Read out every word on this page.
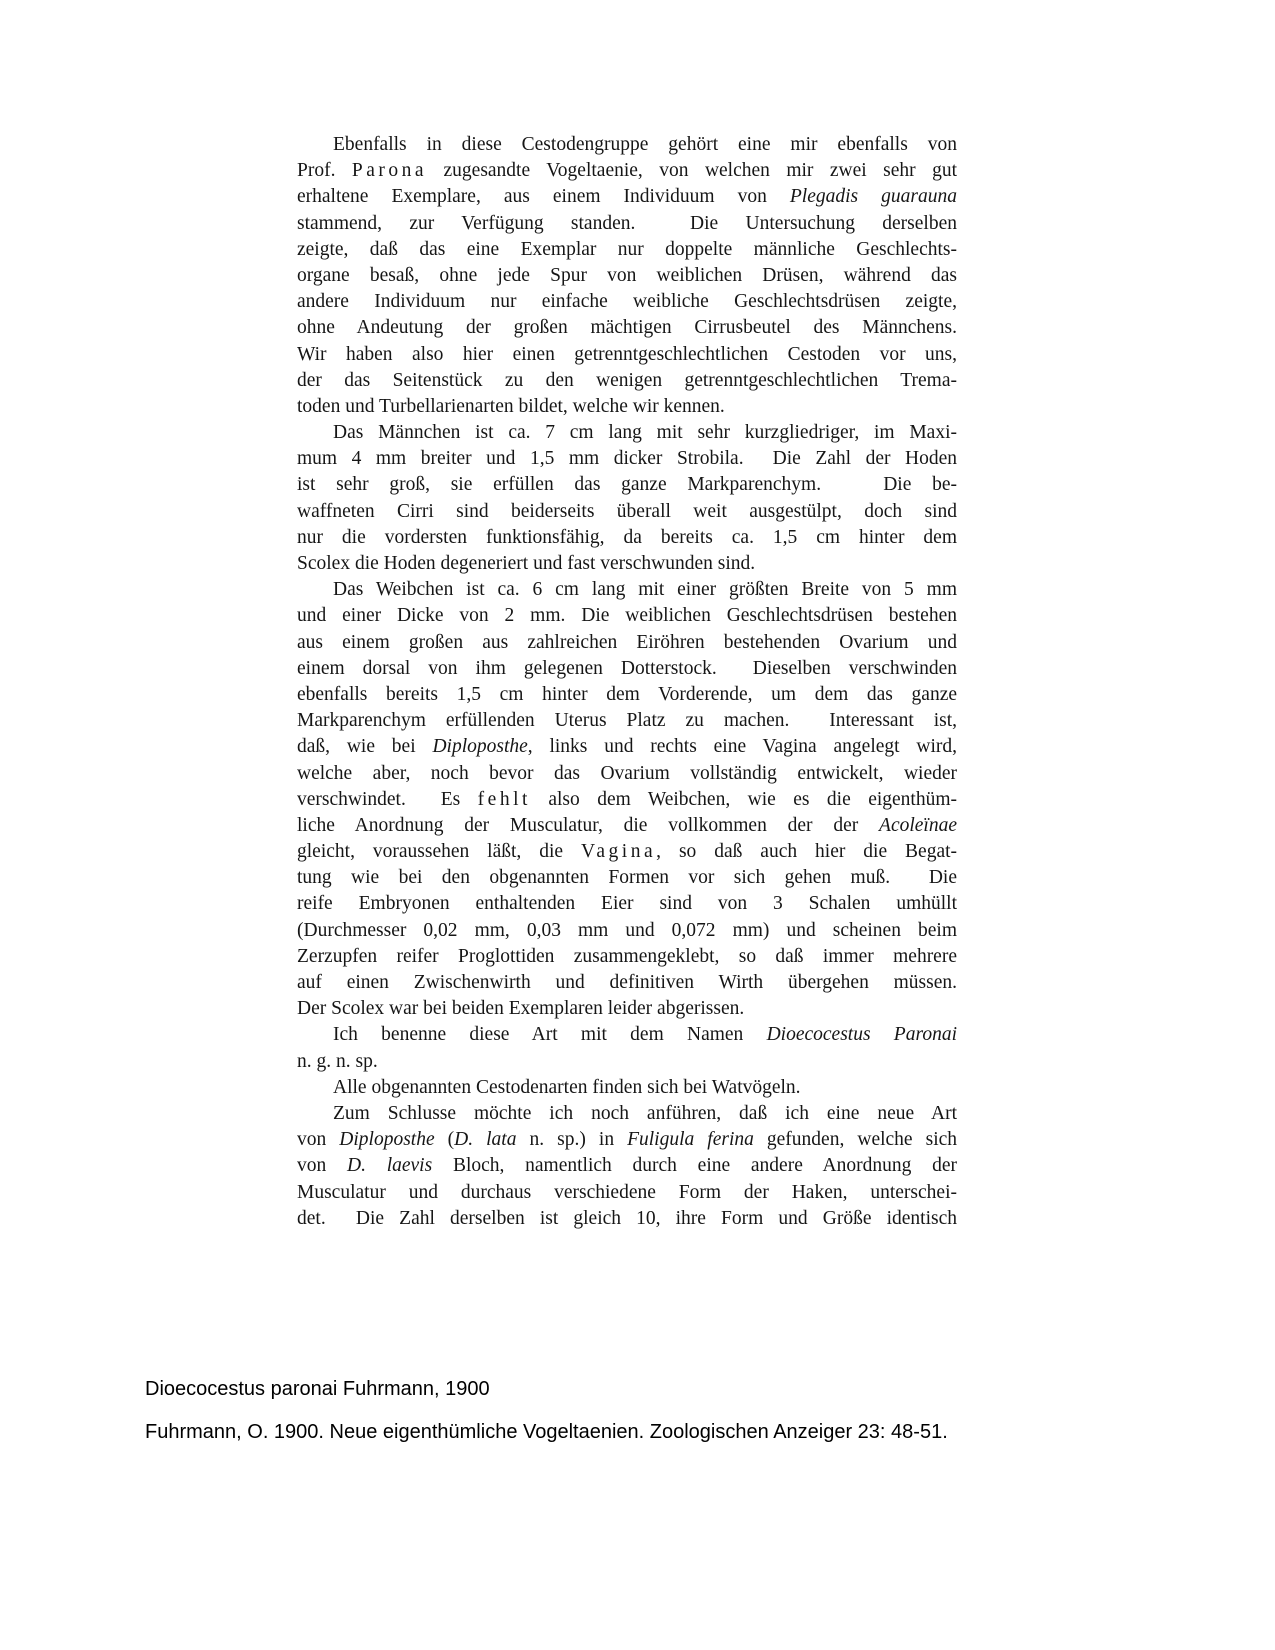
Ebenfalls in diese Cestodengruppe gehört eine mir ebenfalls von
Prof. Parona zugesandte Vogeltaenie, von welchen mir zwei sehr gut
erhaltene Exemplare, aus einem Individuum von Plegadis guarauna
stammend, zur Verfügung standen.  Die Untersuchung derselben
zeigte, daß das eine Exemplar nur doppelte männliche Geschlechts-
organe besaß, ohne jede Spur von weiblichen Drüsen, während das
andere Individuum nur einfache weibliche Geschlechtsdrüsen zeigte,
ohne Andeutung der großen mächtigen Cirrusbeutel des Männchens.
Wir haben also hier einen getrenntgeschlechtlichen Cestoden vor uns,
der das Seitenstück zu den wenigen getrenntgeschlechtlichen Trema-
toden und Turbellarienarten bildet, welche wir kennen.
Das Männchen ist ca. 7 cm lang mit sehr kurzgliedriger, im Maxi-
mum 4 mm breiter und 1,5 mm dicker Strobila.  Die Zahl der Hoden
ist sehr groß, sie erfüllen das ganze Markparenchym.   Die be-
waffneten Cirri sind beiderseits überall weit ausgestülpt, doch sind
nur die vordersten funktionsfähig, da bereits ca. 1,5 cm hinter dem
Scolex die Hoden degeneriert und fast verschwunden sind.
Das Weibchen ist ca. 6 cm lang mit einer größten Breite von 5 mm
und einer Dicke von 2 mm. Die weiblichen Geschlechtsdrüsen bestehen
aus einem großen aus zahlreichen Eiröhren bestehenden Ovarium und
einem dorsal von ihm gelegenen Dotterstock.  Dieselben verschwinden
ebenfalls bereits 1,5 cm hinter dem Vorderende, um dem das ganze
Markparenchym erfüllenden Uterus Platz zu machen.  Interessant ist,
daß, wie bei Diploposthe, links und rechts eine Vagina angelegt wird,
welche aber, noch bevor das Ovarium vollständig entwickelt, wieder
verschwindet.  Es fehlt also dem Weibchen, wie es die eigenthüm-
liche Anordnung der Musculatur, die vollkommen der der Acoleïnae
gleicht, voraussehen läßt, die Vagina, so daß auch hier die Begat-
tung wie bei den obgenannten Formen vor sich gehen muß.  Die
reife Embryonen enthaltenden Eier sind von 3 Schalen umhüllt
(Durchmesser 0,02 mm, 0,03 mm und 0,072 mm) und scheinen beim
Zerzupfen reifer Proglottiden zusammengeklebt, so daß immer mehrere
auf einen Zwischenwirth und definitiven Wirth übergehen müssen.
Der Scolex war bei beiden Exemplaren leider abgerissen.
Ich benenne diese Art mit dem Namen Dioecocestus Paronai
n. g. n. sp.
Alle obgenannten Cestodenarten finden sich bei Watvögeln.
Zum Schlusse möchte ich noch anführen, daß ich eine neue Art
von Diploposthe (D. lata n. sp.) in Fuligula ferina gefunden, welche sich
von D. laevis Bloch, namentlich durch eine andere Anordnung der
Musculatur und durchaus verschiedene Form der Haken, unterschei-
det.  Die Zahl derselben ist gleich 10, ihre Form und Größe identisch
Dioecocestus paronai Fuhrmann, 1900
Fuhrmann, O. 1900. Neue eigenthümliche Vogeltaenien. Zoologischen Anzeiger 23: 48-51.
